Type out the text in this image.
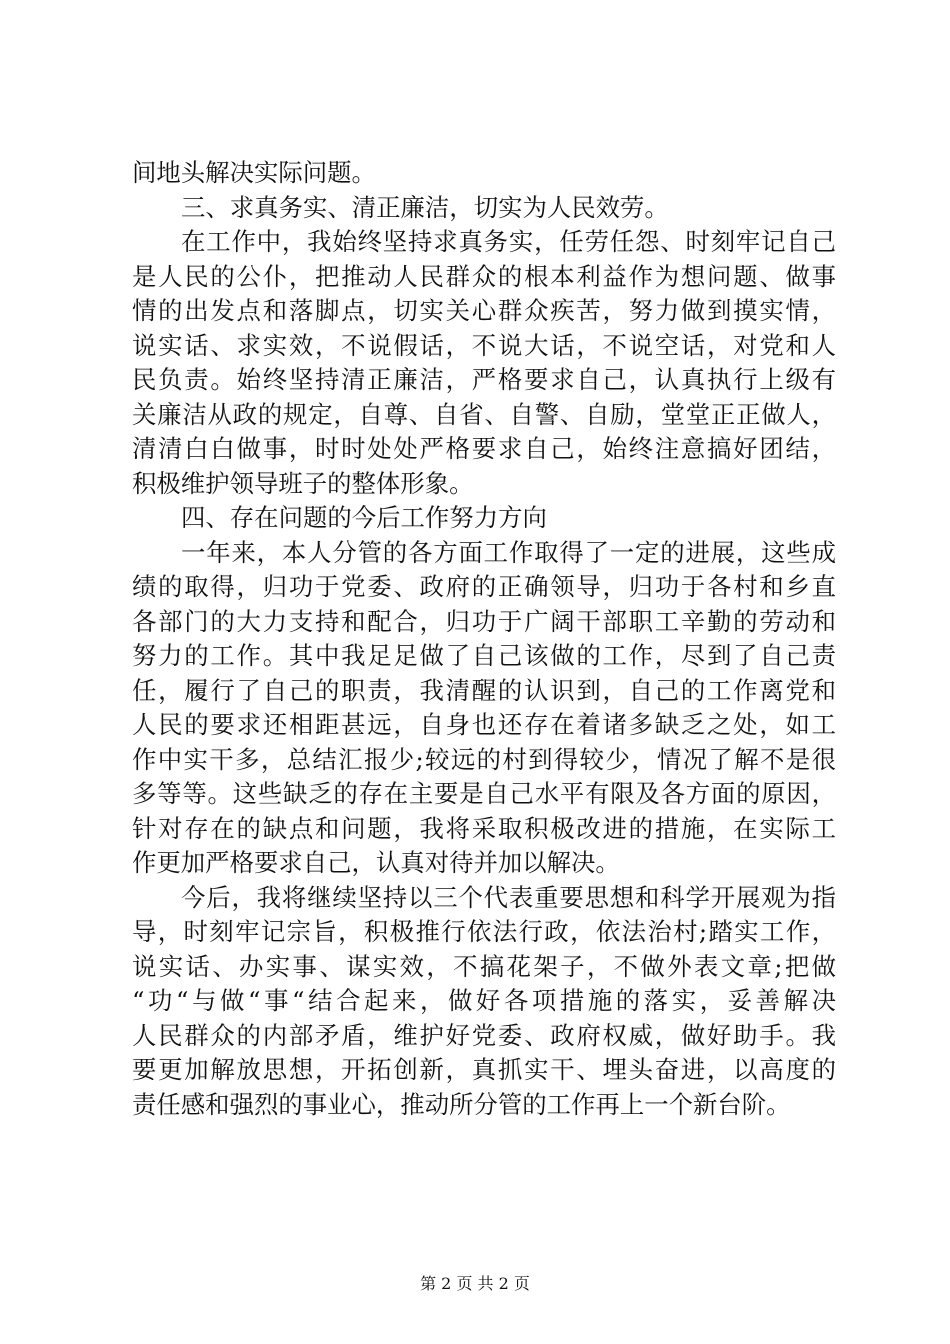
间地头解决实际问题。
三、求真务实、清正廉洁，切实为人民效劳。
在工作中，我始终坚持求真务实，任劳任怨、时刻牢记自己
是人民的公仆，把推动人民群众的根本利益作为想问题、做事
情的出发点和落脚点，切实关心群众疾苦，努力做到摸实情，
说实话、求实效，不说假话，不说大话，不说空话，对党和人
民负责。始终坚持清正廉洁，严格要求自己，认真执行上级有
关廉洁从政的规定，自尊、自省、自警、自励，堂堂正正做人，
清清白白做事，时时处处严格要求自己，始终注意搞好团结，
积极维护领导班子的整体形象。
四、存在问题的今后工作努力方向
一年来，本人分管的各方面工作取得了一定的进展，这些成
绩的取得，归功于党委、政府的正确领导，归功于各村和乡直
各部门的大力支持和配合，归功于广阔干部职工辛勤的劳动和
努力的工作。其中我足足做了自己该做的工作，尽到了自己责
任，履行了自己的职责，我清醒的认识到，自己的工作离党和
人民的要求还相距甚远，自身也还存在着诸多缺乏之处，如工
作中实干多，总结汇报少;较远的村到得较少，情况了解不是很
多等等。这些缺乏的存在主要是自己水平有限及各方面的原因，
针对存在的缺点和问题，我将采取积极改进的措施，在实际工
作更加严格要求自己，认真对待并加以解决。
今后，我将继续坚持以三个代表重要思想和科学开展观为指
导，时刻牢记宗旨，积极推行依法行政，依法治村;踏实工作，
说实话、办实事、谋实效，不搞花架子，不做外表文章;把做
“功“与做“事“结合起来，做好各项措施的落实，妥善解决
人民群众的内部矛盾，维护好党委、政府权威，做好助手。我
要更加解放思想，开拓创新，真抓实干、埋头奋进，以高度的
责任感和强烈的事业心，推动所分管的工作再上一个新台阶。
第 2 页 共 2 页
